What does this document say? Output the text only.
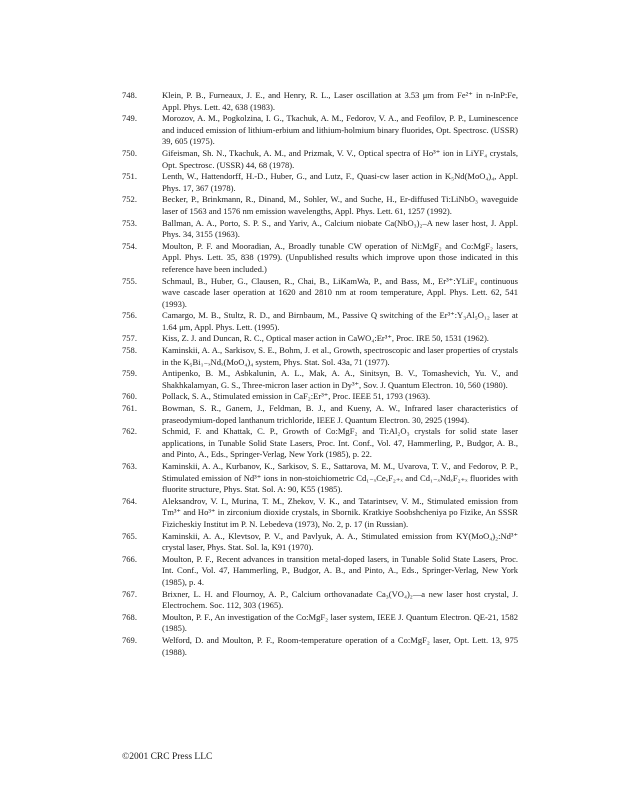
748.	Klein, P. B., Furneaux, J. E., and Henry, R. L., Laser oscillation at 3.53 μm from Fe²⁺ in n-InP:Fe, Appl. Phys. Lett. 42, 638 (1983).
749.	Morozov, A. M., Pogkolzina, I. G., Tkachuk, A. M., Fedorov, V. A., and Feofilov, P. P., Luminescence and induced emission of lithium-erbium and lithium-holmium binary fluorides, Opt. Spectrosc. (USSR) 39, 605 (1975).
750.	Gifeisman, Sh. N., Tkachuk, A. M., and Prizmak, V. V., Optical spectra of Ho³⁺ ion in LiYF₄ crystals, Opt. Spectrosc. (USSR) 44, 68 (1978).
751.	Lenth, W., Hattendorff, H.-D., Huber, G., and Lutz, F., Quasi-cw laser action in K₅Nd(MoO₄)₄, Appl. Phys. 17, 367 (1978).
752.	Becker, P., Brinkmann, R., Dinand, M., Sohler, W., and Suche, H., Er-diffused Ti:LiNbO₃ waveguide laser of 1563 and 1576 nm emission wavelengths, Appl. Phys. Lett. 61, 1257 (1992).
753.	Ballman, A. A., Porto, S. P. S., and Yariv, A., Calcium niobate Ca(NbO₃)₂–A new laser host, J. Appl. Phys. 34, 3155 (1963).
754.	Moulton, P. F. and Mooradian, A., Broadly tunable CW operation of Ni:MgF₂ and Co:MgF₂ lasers, Appl. Phys. Lett. 35, 838 (1979). (Unpublished results which improve upon those indicated in this reference have been included.)
755.	Schmaul, B., Huber, G., Clausen, R., Chai, B., LiKamWa, P., and Bass, M., Er³⁺:YLiF₄ continuous wave cascade laser operation at 1620 and 2810 nm at room temperature, Appl. Phys. Lett. 62, 541 (1993).
756.	Camargo, M. B., Stultz, R. D., and Birnbaum, M., Passive Q switching of the Er³⁺:Y₃Al₅O₁₂ laser at 1.64 μm, Appl. Phys. Lett. (1995).
757.	Kiss, Z. J. and Duncan, R. C., Optical maser action in CaWO₄:Er³⁺, Proc. IRE 50, 1531 (1962).
758.	Kaminskii, A. A., Sarkisov, S. E., Bohm, J. et al., Growth, spectroscopic and laser properties of crystals in the K₅Bi₁₋ₓNdₓ(MoO₄)₄ system, Phys. Stat. Sol. 43a, 71 (1977).
759.	Antipenko, B. M., Asbkalunin, A. L., Mak, A. A., Sinitsyn, B. V., Tomashevich, Yu. V., and Shakhkalamyan, G. S., Three-micron laser action in Dy³⁺, Sov. J. Quantum Electron. 10, 560 (1980).
760.	Pollack, S. A., Stimulated emission in CaF₂:Er³⁺, Proc. IEEE 51, 1793 (1963).
761.	Bowman, S. R., Ganem, J., Feldman, B. J., and Kueny, A. W., Infrared laser characteristics of praseodymium-doped lanthanum trichloride, IEEE J. Quantum Electron. 30, 2925 (1994).
762.	Schmid, F. and Khattak, C. P., Growth of Co:MgF₂ and Ti:Al₂O₃ crystals for solid state laser applications, in Tunable Solid State Lasers, Proc. Int. Conf., Vol. 47, Hammerling, P., Budgor, A. B., and Pinto, A., Eds., Springer-Verlag, New York (1985), p. 22.
763.	Kaminskii, A. A., Kurbanov, K., Sarkisov, S. E., Sattarova, M. M., Uvarova, T. V., and Fedorov, P. P., Stimulated emission of Nd³⁺ ions in non-stoichiometric Cd₁₋ₓCeₓF₂₊ₓ and Cd₁₋ₓNdₓF₂₊ₓ fluorides with fluorite structure, Phys. Stat. Sol. A: 90, K55 (1985).
764.	Aleksandrov, V. I., Murina, T. M., Zhekov, V. K., and Tatarintsev, V. M., Stimulated emission from Tm³⁺ and Ho³⁺ in zirconium dioxide crystals, in Sbornik. Kratkiye Soobshcheniya po Fizike, An SSSR Fizicheskiy Institut im P. N. Lebedeva (1973), No. 2, p. 17 (in Russian).
765.	Kaminskii, A. A., Klevtsov, P. V., and Pavlyuk, A. A., Stimulated emission from KY(MoO₄)₂:Nd³⁺ crystal laser, Phys. Stat. Sol. la, K91 (1970).
766.	Moulton, P. F., Recent advances in transition metal-doped lasers, in Tunable Solid State Lasers, Proc. Int. Conf., Vol. 47, Hammerling, P., Budgor, A. B., and Pinto, A., Eds., Springer-Verlag, New York (1985), p. 4.
767.	Brixner, L. H. and Flournoy, A. P., Calcium orthovanadate Ca₃(VO₄)₂—a new laser host crystal, J. Electrochem. Soc. 112, 303 (1965).
768.	Moulton, P. F., An investigation of the Co:MgF₂ laser system, IEEE J. Quantum Electron. QE-21, 1582 (1985).
769.	Welford, D. and Moulton, P. F., Room-temperature operation of a Co:MgF₂ laser, Opt. Lett. 13, 975 (1988).
©2001 CRC Press LLC
